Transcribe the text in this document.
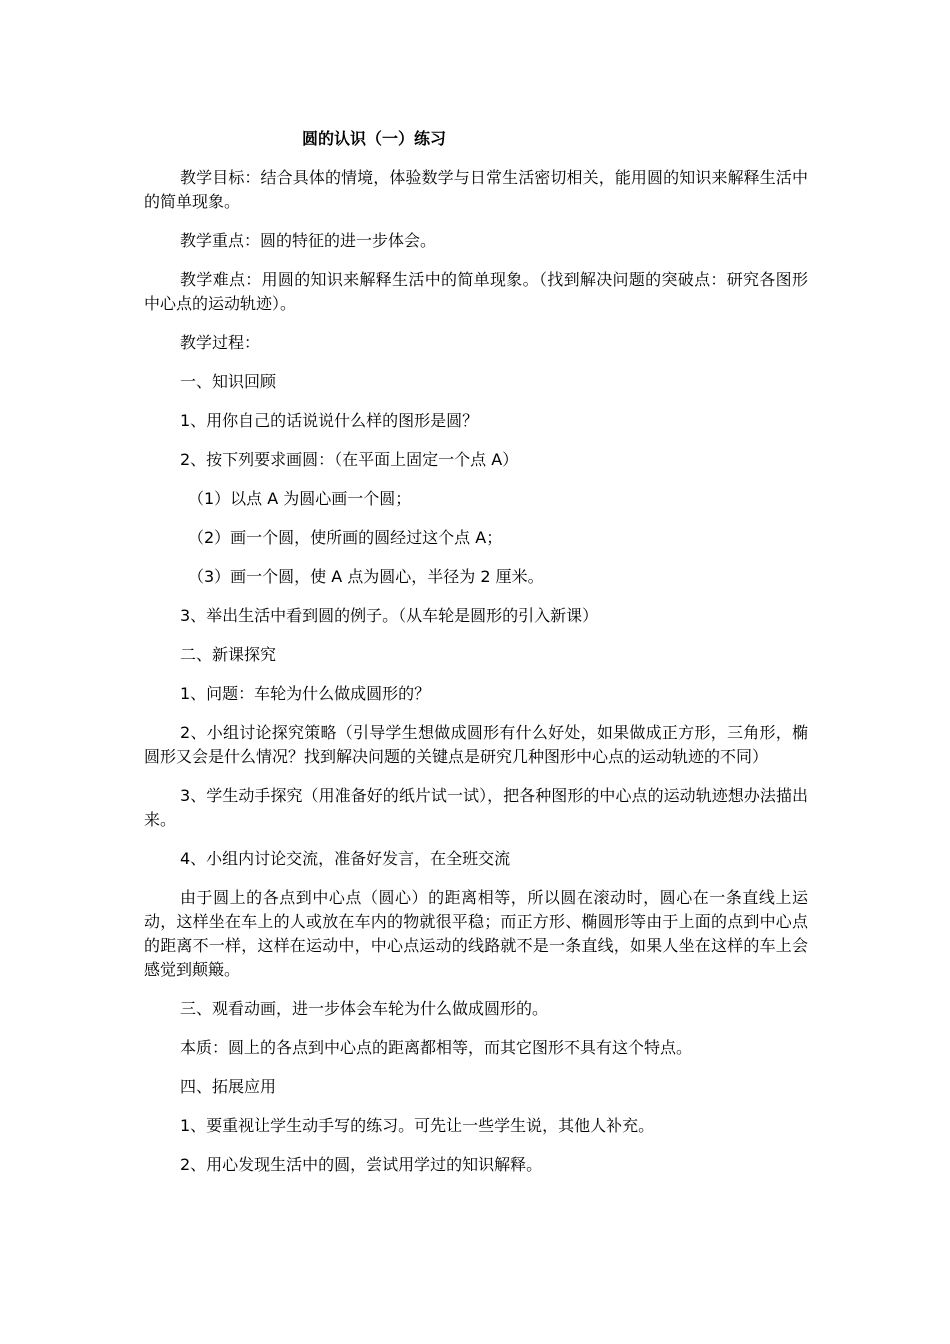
圆的认识（一）练习

教学目标：结合具体的情境，体验数学与日常生活密切相关，能用圆的知识来解释生活中的简单现象。

教学重点：圆的特征的进一步体会。

教学难点：用圆的知识来解释生活中的简单现象。（找到解决问题的突破点：研究各图形中心点的运动轨迹）。

教学过程：

一、知识回顾

1、用你自己的话说说什么样的图形是圆？

2、按下列要求画圆：（在平面上固定一个点 A）

（1）以点 A 为圆心画一个圆；

（2）画一个圆，使所画的圆经过这个点 A；

（3）画一个圆，使 A 点为圆心，半径为 2 厘米。

3、举出生活中看到圆的例子。（从车轮是圆形的引入新课）

二、新课探究

1、问题：车轮为什么做成圆形的？

2、小组讨论探究策略（引导学生想做成圆形有什么好处，如果做成正方形，三角形，椭圆形又会是什么情况？找到解决问题的关键点是研究几种图形中心点的运动轨迹的不同）

3、学生动手探究（用准备好的纸片试一试），把各种图形的中心点的运动轨迹想办法描出来。

4、小组内讨论交流，准备好发言，在全班交流

由于圆上的各点到中心点（圆心）的距离相等，所以圆在滚动时，圆心在一条直线上运动，这样坐在车上的人或放在车内的物就很平稳；而正方形、椭圆形等由于上面的点到中心点的距离不一样，这样在运动中，中心点运动的线路就不是一条直线，如果人坐在这样的车上会感觉到颠簸。

三、观看动画，进一步体会车轮为什么做成圆形的。

本质：圆上的各点到中心点的距离都相等，而其它图形不具有这个特点。

四、拓展应用

1、要重视让学生动手写的练习。可先让一些学生说，其他人补充。

2、用心发现生活中的圆，尝试用学过的知识解释。
